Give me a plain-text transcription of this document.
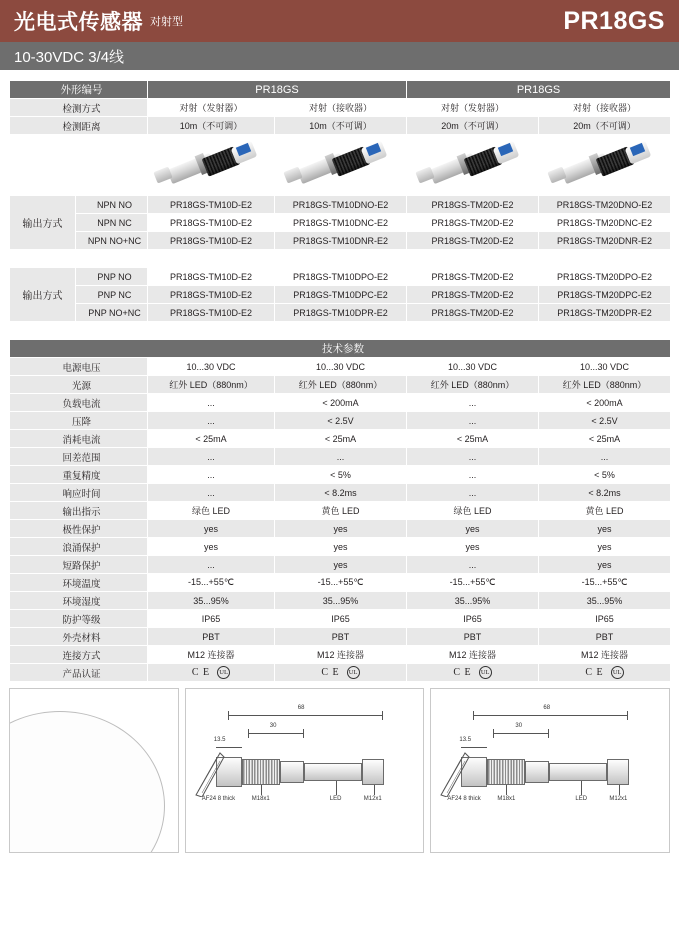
光电式传感器 对射型	PR18GS
10-30VDC 3/4线
外形编号		PR18GS		PR18GS	
检测方式		对射（发射器）	对射（接收器）	对射（发射器）	对射（接收器）
检测距离		10m（不可调）	10m（不可调）	20m（不可调）	20m（不可调）

输出方式	NPN NO	PR18GS-TM10D-E2	PR18GS-TM10DNO-E2	PR18GS-TM20D-E2	PR18GS-TM20DNO-E2
	NPN NC	PR18GS-TM10D-E2	PR18GS-TM10DNC-E2	PR18GS-TM20D-E2	PR18GS-TM20DNC-E2
	NPN NO+NC	PR18GS-TM10D-E2	PR18GS-TM10DNR-E2	PR18GS-TM20D-E2	PR18GS-TM20DNR-E2

输出方式	PNP NO	PR18GS-TM10D-E2	PR18GS-TM10DPO-E2	PR18GS-TM20D-E2	PR18GS-TM20DPO-E2
	PNP NC	PR18GS-TM10D-E2	PR18GS-TM10DPC-E2	PR18GS-TM20D-E2	PR18GS-TM20DPC-E2
	PNP NO+NC	PR18GS-TM10D-E2	PR18GS-TM10DPR-E2	PR18GS-TM20D-E2	PR18GS-TM20DPR-E2

技术参数					
电源电压		10...30 VDC	10...30 VDC	10...30 VDC	10...30 VDC
光源		红外 LED（880nm）	红外 LED（880nm）	红外 LED（880nm）	红外 LED（880nm）
负载电流		...	< 200mA	...	< 200mA
压降		...	< 2.5V	...	< 2.5V
消耗电流		< 25mA	< 25mA	< 25mA	< 25mA
回差范围		...	...	...	...
重复精度		...	< 5%	...	< 5%
响应时间		...	< 8.2ms	...	< 8.2ms
输出指示		绿色 LED	黄色 LED	绿色 LED	黄色 LED
极性保护		yes	yes	yes	yes
浪涌保护		yes	yes	yes	yes
短路保护		...	yes	...	yes
环境温度		-15...+55℃	-15...+55℃	-15...+55℃	-15...+55℃
环境湿度		35...95%	35...95%	35...95%	35...95%
防护等级		IP65	IP65	IP65	IP65
外壳材料		PBT	PBT	PBT	PBT
连接方式		M12 连接器	M12 连接器	M12 连接器	M12 连接器
产品认证		C E UL	C E UL	C E UL	C E UL
68
30
13.5
LED	M12x1
M18x1
AF24 8 thick
68
30
13.5
LED	M12x1
M18x1
AF24 8 thick
